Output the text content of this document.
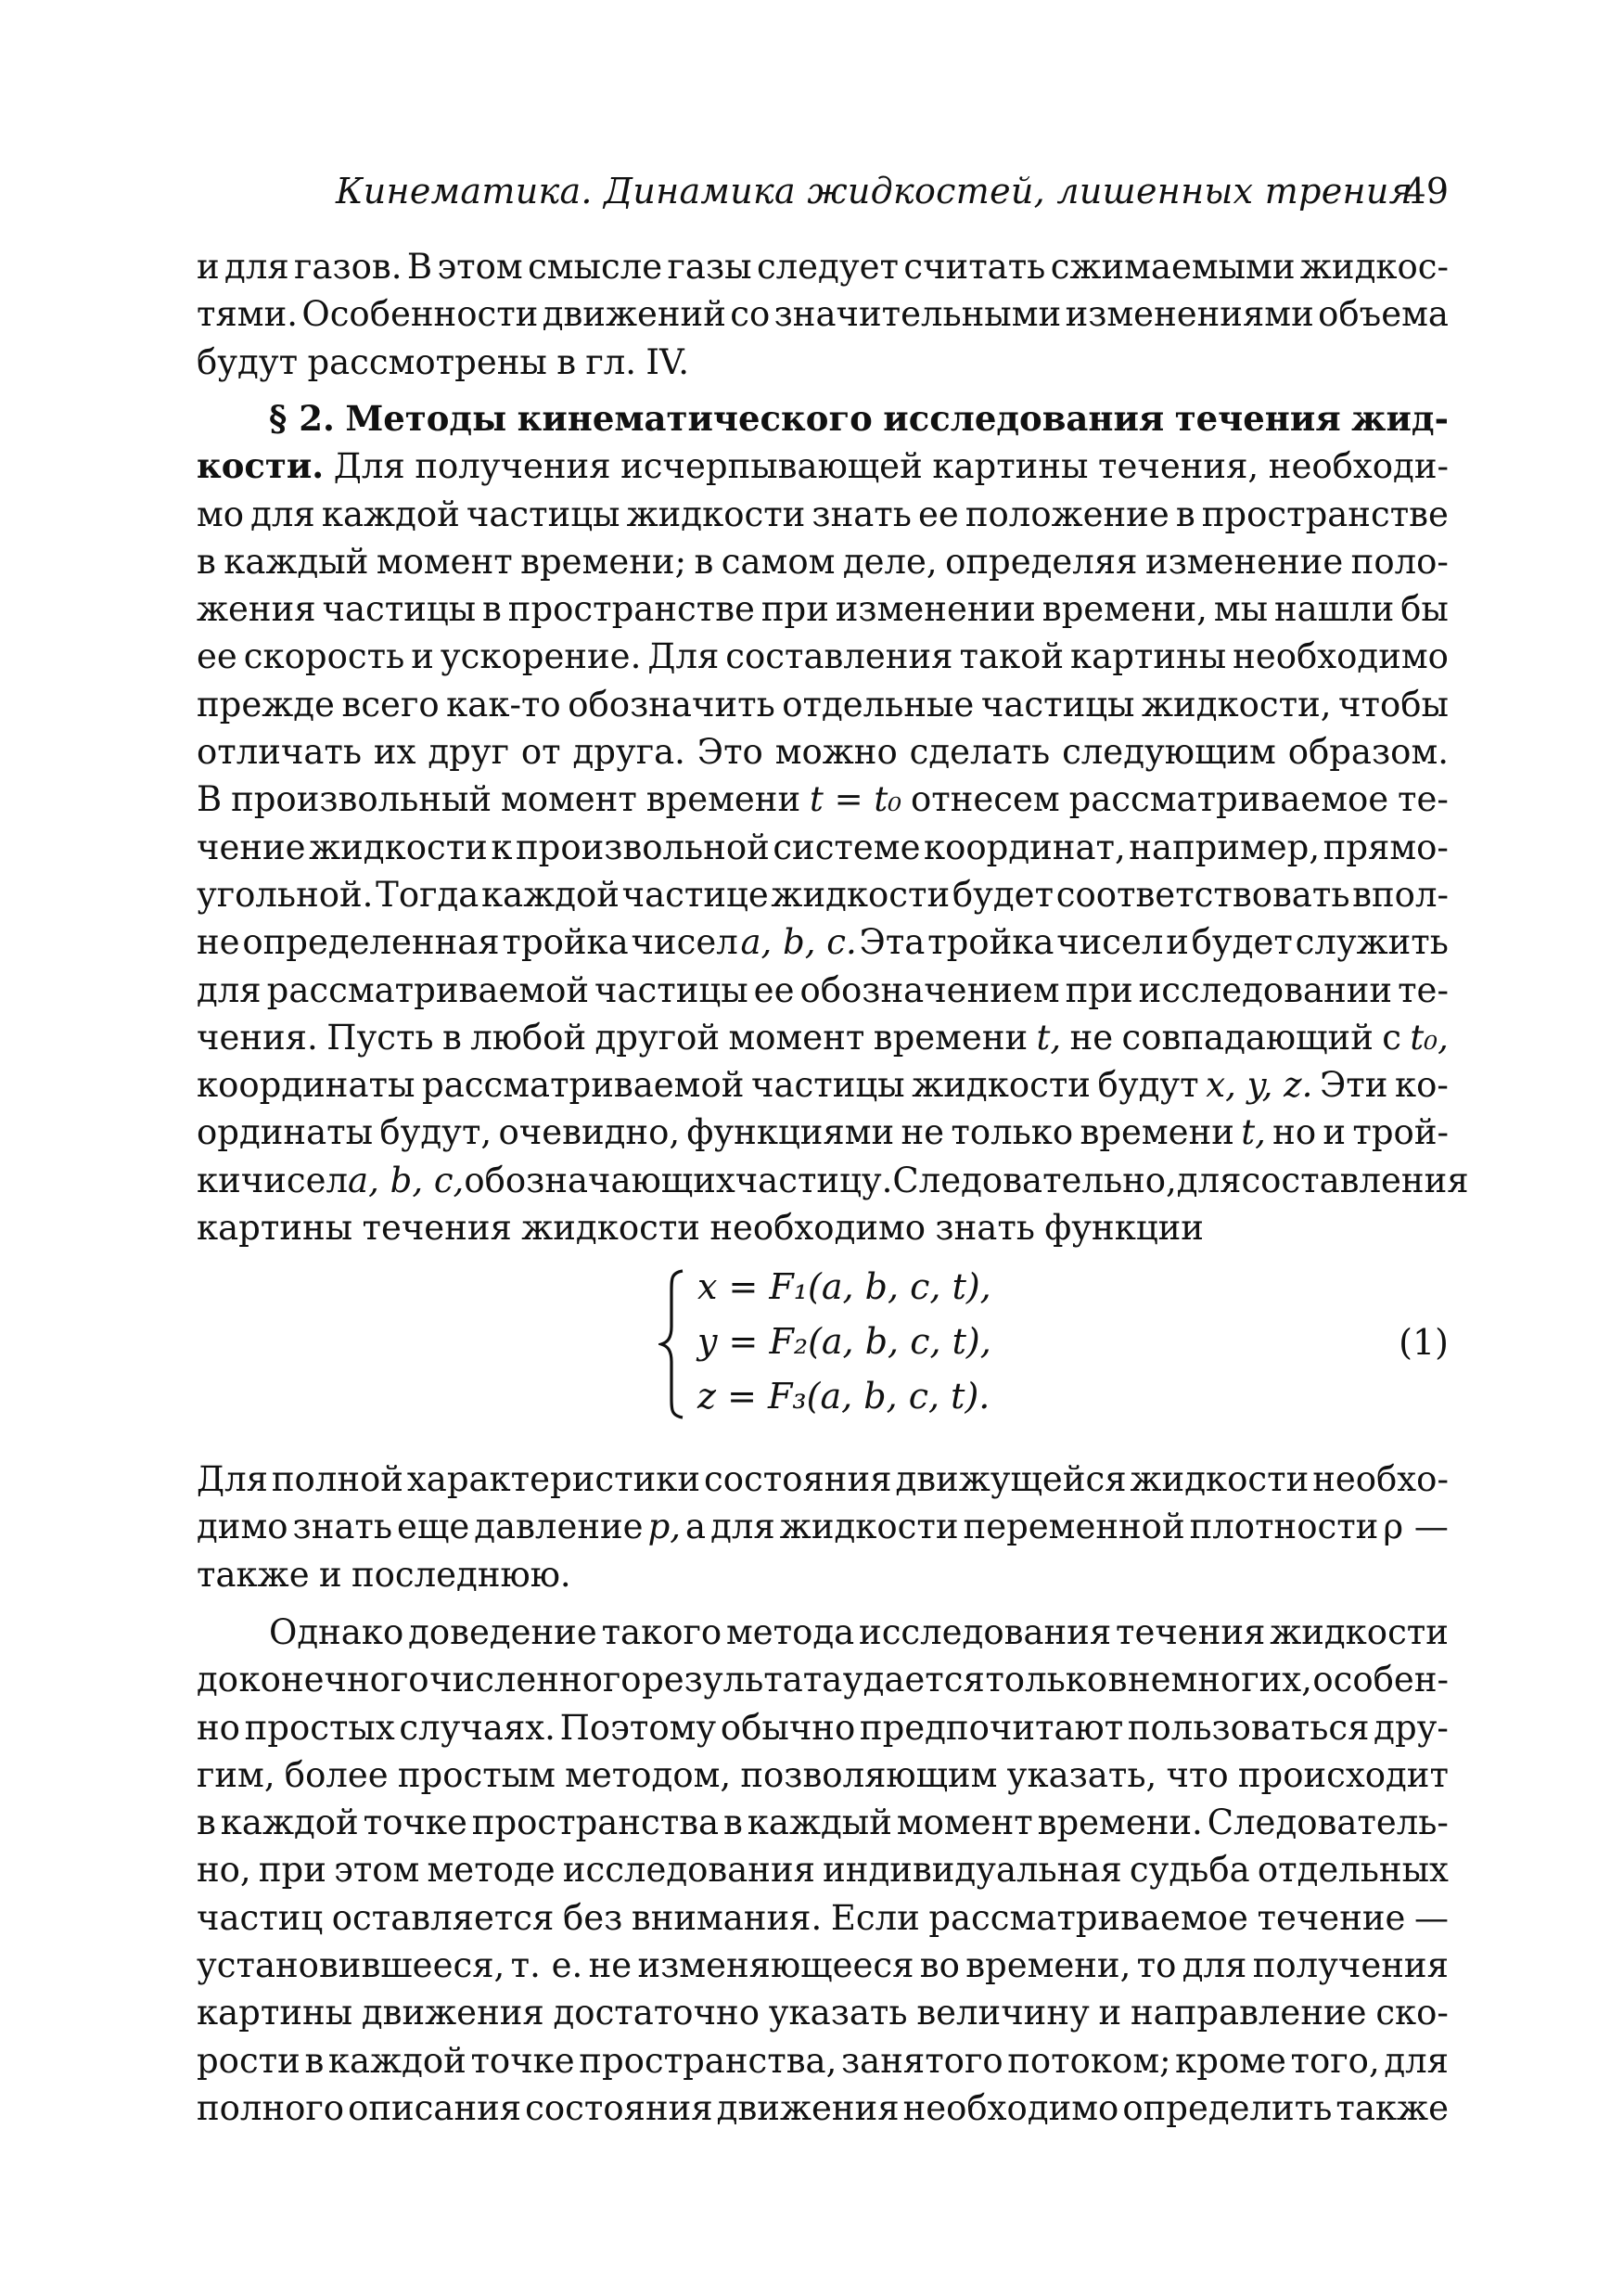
Кинематика. Динамика жидкостей, лишенных трения
49
и для газов. В этом смысле газы следует считать сжимаемыми жидкос-
тями. Особенности движений со значительными изменениями объема
будут рассмотрены в гл. IV.
§ 2. Методы кинематического исследования течения жид-
кости. Для получения исчерпывающей картины течения, необходи-
мо для каждой частицы жидкости знать ее положение в пространстве
в каждый момент времени; в самом деле, определяя изменение поло-
жения частицы в пространстве при изменении времени, мы нашли бы
ее скорость и ускорение. Для составления такой картины необходимо
прежде всего как-то обозначить отдельные частицы жидкости, чтобы
отличать их друг от друга. Это можно сделать следующим образом.
В произвольный момент времени t = t₀ отнесем рассматриваемое те-
чение жидкости к произвольной системе координат, например, прямо-
угольной. Тогда каждой частице жидкости будет соответствовать впол-
не определенная тройка чисел a, b, c. Эта тройка чисел и будет служить
для рассматриваемой частицы ее обозначением при исследовании те-
чения. Пусть в любой другой момент времени t, не совпадающий с t₀,
координаты рассматриваемой частицы жидкости будут x, y, z. Эти ко-
ординаты будут, очевидно, функциями не только времени t, но и трой-
ки чисел a, b, c, обозначающих частицу. Следовательно, для составления
картины течения жидкости необходимо знать функции
x = F₁(a, b, c, t),
y = F₂(a, b, c, t),
z = F₃(a, b, c, t).
(1)
Для полной характеристики состояния движущейся жидкости необхо-
димо знать еще давление p, а для жидкости переменной плотности ρ —
также и последнюю.
Однако доведение такого метода исследования течения жидкости
до конечного численного результата удается только в немногих, особен-
но простых случаях. Поэтому обычно предпочитают пользоваться дру-
гим, более простым методом, позволяющим указать, что происходит
в каждой точке пространства в каждый момент времени. Следователь-
но, при этом методе исследования индивидуальная судьба отдельных
частиц оставляется без внимания. Если рассматриваемое течение —
установившееся, т. е. не изменяющееся во времени, то для получения
картины движения достаточно указать величину и направление ско-
рости в каждой точке пространства, занятого потоком; кроме того, для
полного описания состояния движения необходимо определить также
